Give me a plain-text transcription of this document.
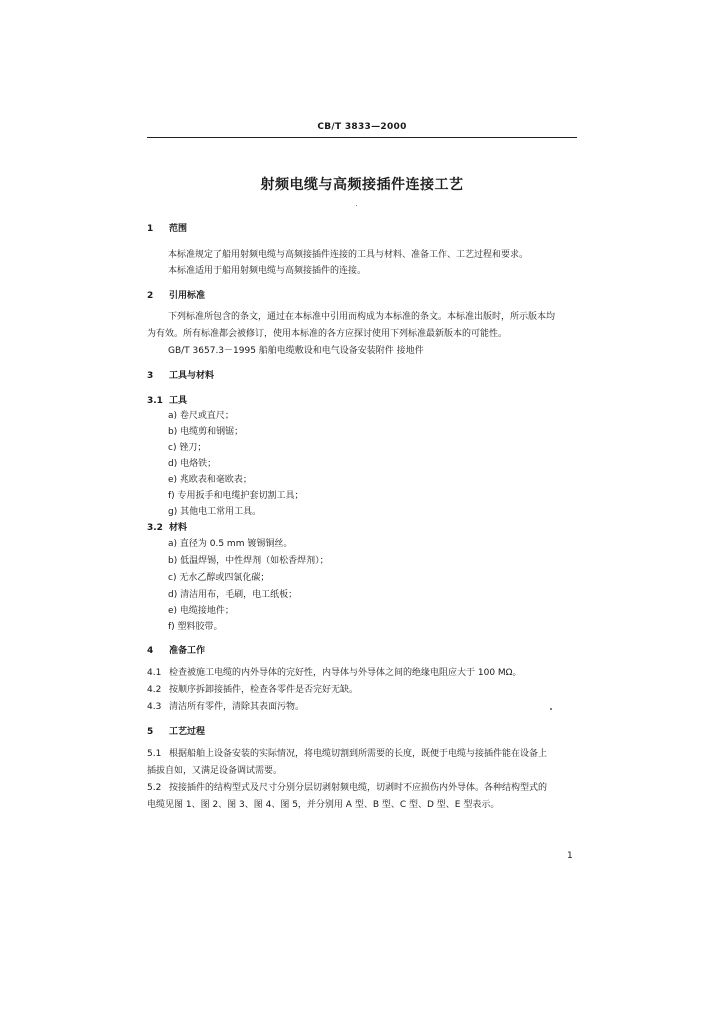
CB/T 3833—2000
射频电缆与高频接插件连接工艺
1 范围
本标准规定了船用射频电缆与高频接插件连接的工具与材料、准备工作、工艺过程和要求。
本标准适用于船用射频电缆与高频接插件的连接。
2 引用标准
下列标准所包含的条文，通过在本标准中引用而构成为本标准的条文。本标准出版时，所示版本均
为有效。所有标准都会被修订，使用本标准的各方应探讨使用下列标准最新版本的可能性。
GB/T 3657.3－1995 船舶电缆敷设和电气设备安装附件 接地件
3 工具与材料
3.1 工具
a) 卷尺或直尺；
b) 电缆剪和钢锯；
c) 锉刀；
d) 电烙铁；
e) 兆欧表和毫欧表；
f) 专用扳手和电缆护套切割工具；
g) 其他电工常用工具。
3.2 材料
a) 直径为 0.5 mm 镀锡铜丝。
b) 低温焊锡，中性焊剂（如松香焊剂）；
c) 无水乙醇或四氯化碳；
d) 清洁用布，毛刷，电工纸板；
e) 电缆接地件；
f) 塑料胶带。
4 准备工作
4.1 检查被施工电缆的内外导体的完好性，内导体与外导体之间的绝缘电阻应大于 100 MΩ。
4.2 按顺序拆卸接插件，检查各零件是否完好无缺。
4.3 清洁所有零件，清除其表面污物。
5 工艺过程
5.1 根据船舶上设备安装的实际情况，将电缆切割到所需要的长度，既便于电缆与接插件能在设备上
插拔自如，又满足设备调试需要。
5.2 按接插件的结构型式及尺寸分别分层切剥射频电缆，切剥时不应损伤内外导体。各种结构型式的
电缆见图 1、图 2、图 3、图 4、图 5，并分别用 A 型、B 型、C 型、D 型、E 型表示。
1
